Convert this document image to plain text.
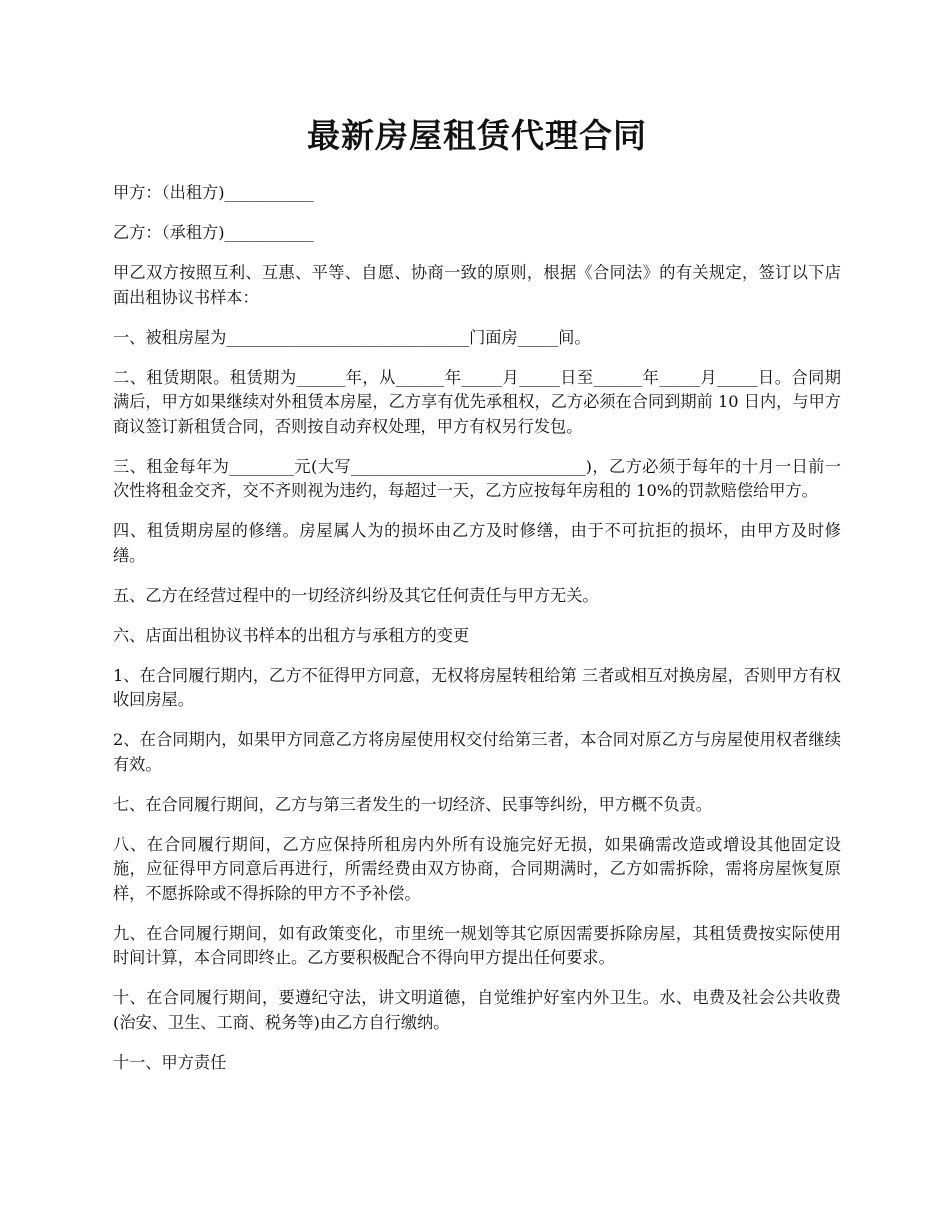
最新房屋租赁代理合同

甲方：（出租方)___________

乙方：（承租方)___________

甲乙双方按照互利、互惠、平等、自愿、协商一致的原则，根据《合同法》的有关规定，签订以下店面出租协议书样本：

一、被租房屋为______________________________门面房_____间。

二、租赁期限。租赁期为______年，从______年_____月_____日至______年_____月_____日。合同期满后，甲方如果继续对外租赁本房屋，乙方享有优先承租权，乙方必须在合同到期前 10 日内，与甲方商议签订新租赁合同，否则按自动弃权处理，甲方有权另行发包。

三、租金每年为________元(大写_____________________________)，乙方必须于每年的十月一日前一次性将租金交齐，交不齐则视为违约，每超过一天，乙方应按每年房租的 10%的罚款赔偿给甲方。

四、租赁期房屋的修缮。房屋属人为的损坏由乙方及时修缮，由于不可抗拒的损坏，由甲方及时修缮。

五、乙方在经营过程中的一切经济纠纷及其它任何责任与甲方无关。

六、店面出租协议书样本的出租方与承租方的变更

1、在合同履行期内，乙方不征得甲方同意，无权将房屋转租给第 三者或相互对换房屋，否则甲方有权收回房屋。

2、在合同期内，如果甲方同意乙方将房屋使用权交付给第三者，本合同对原乙方与房屋使用权者继续有效。

七、在合同履行期间，乙方与第三者发生的一切经济、民事等纠纷，甲方概不负责。

八、在合同履行期间，乙方应保持所租房内外所有设施完好无损，如果确需改造或增设其他固定设施，应征得甲方同意后再进行，所需经费由双方协商，合同期满时，乙方如需拆除，需将房屋恢复原样，不愿拆除或不得拆除的甲方不予补偿。

九、在合同履行期间，如有政策变化，市里统一规划等其它原因需要拆除房屋，其租赁费按实际使用时间计算，本合同即终止。乙方要积极配合不得向甲方提出任何要求。

十、在合同履行期间，要遵纪守法，讲文明道德，自觉维护好室内外卫生。水、电费及社会公共收费(治安、卫生、工商、税务等)由乙方自行缴纳。

十一、甲方责任
